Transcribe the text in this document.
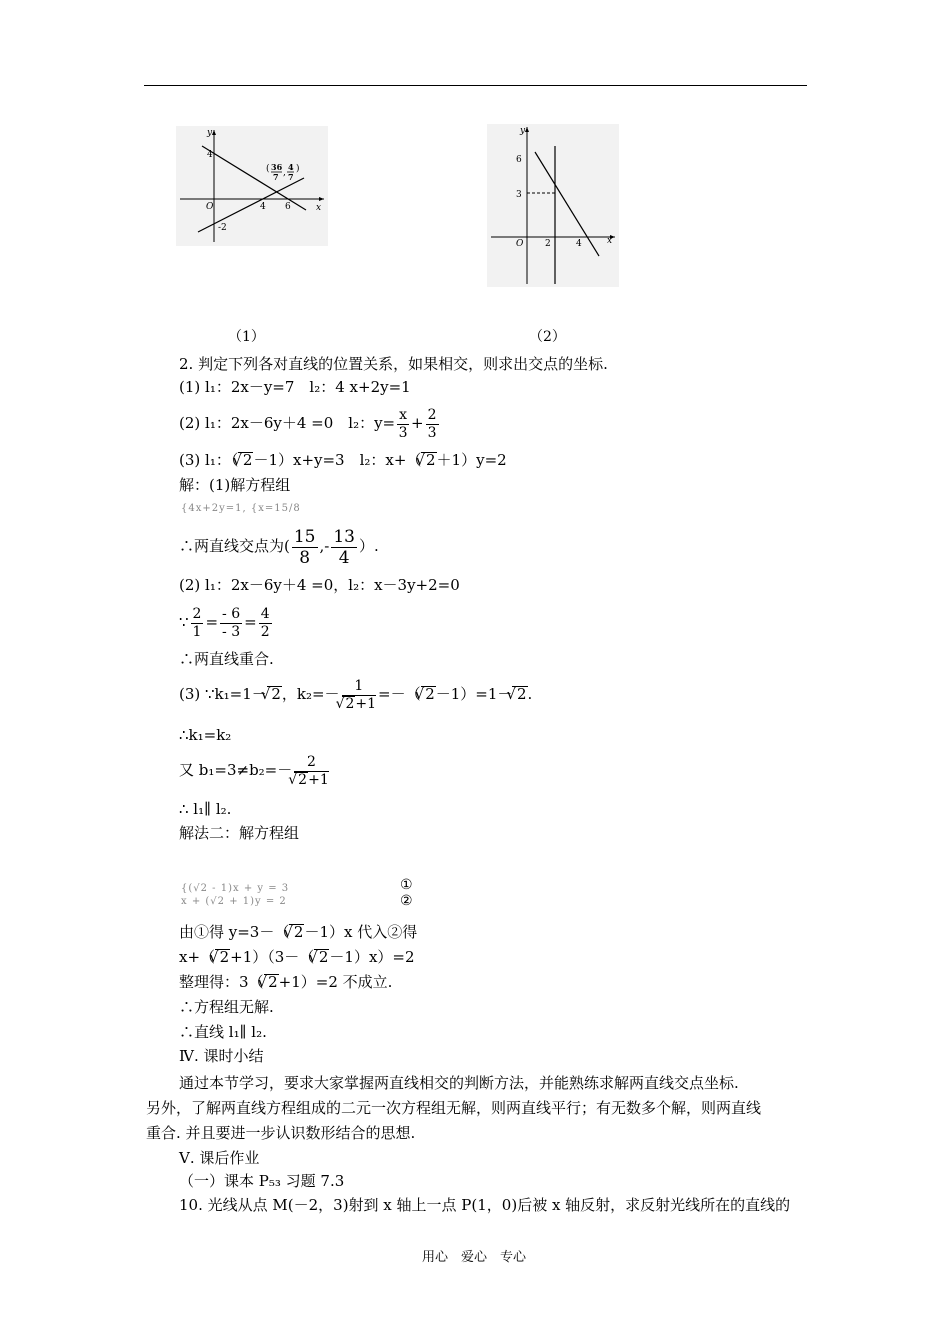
x
y
O
4
-2
4 6
( 36
7 ,
4
7
)
x
y
O
6
3
2	4
（1）	（2）
2. 判定下列各对直线的位置关系，如果相交，则求出交点的坐标.
(1) l₁：2x－y=7　l₂：4 x+2y=1
(2) l₁：2x－6y＋4 =0　l₂：$y= \frac{x}{3} + \frac{2}{3}$
(3) l₁：（ √ 2－1）x+y=3　l₂：x+（ √ 2＋1）y=2
解：(1)解方程组
{4x+2y=1, {x=15/8
∴两直线交点为( $\frac{15}{8}$ ,- $\frac{13}{4}$ ）.
(2) l₁：2x－6y＋4 =0，l₂：x－3y+2=0
∵ $\frac{2}{1} = \frac{- 6}{- 3} = \frac{4}{2}$
∴两直线重合.
(3) ∵k₁=1－ √ 2，k₂=－ 1
√ 2+1 =－（ √ 2－1）=1－ √ 2.
∴k₁=k₂
又 b₁=3≠b₂=－ 2
√ 2+1
∴ l₁∥ l₂.
解法二：解方程组
{(√2 - 1)x + y = 3
x + (√2 + 1)y = 2
①
②
由①得 y=3－（ √ 2－1）x 代入②得
x+（ √ 2+1）（3－（ √ 2－1）x）=2
整理得：3（ √ 2+1）=2 不成立.
∴方程组无解.
∴直线 l₁∥ l₂.
Ⅳ. 课时小结
通过本节学习，要求大家掌握两直线相交的判断方法，并能熟练求解两直线交点坐标.
另外，了解两直线方程组成的二元一次方程组无解，则两直线平行；有无数多个解，则两直线
重合. 并且要进一步认识数形结合的思想.
Ⅴ. 课后作业
（一）课本 P₅₃ 习题 7.3
10. 光线从点 M(－2，3)射到 x 轴上一点 P(1，0)后被 x 轴反射，求反射光线所在的直线的
用心　爱心　专心
